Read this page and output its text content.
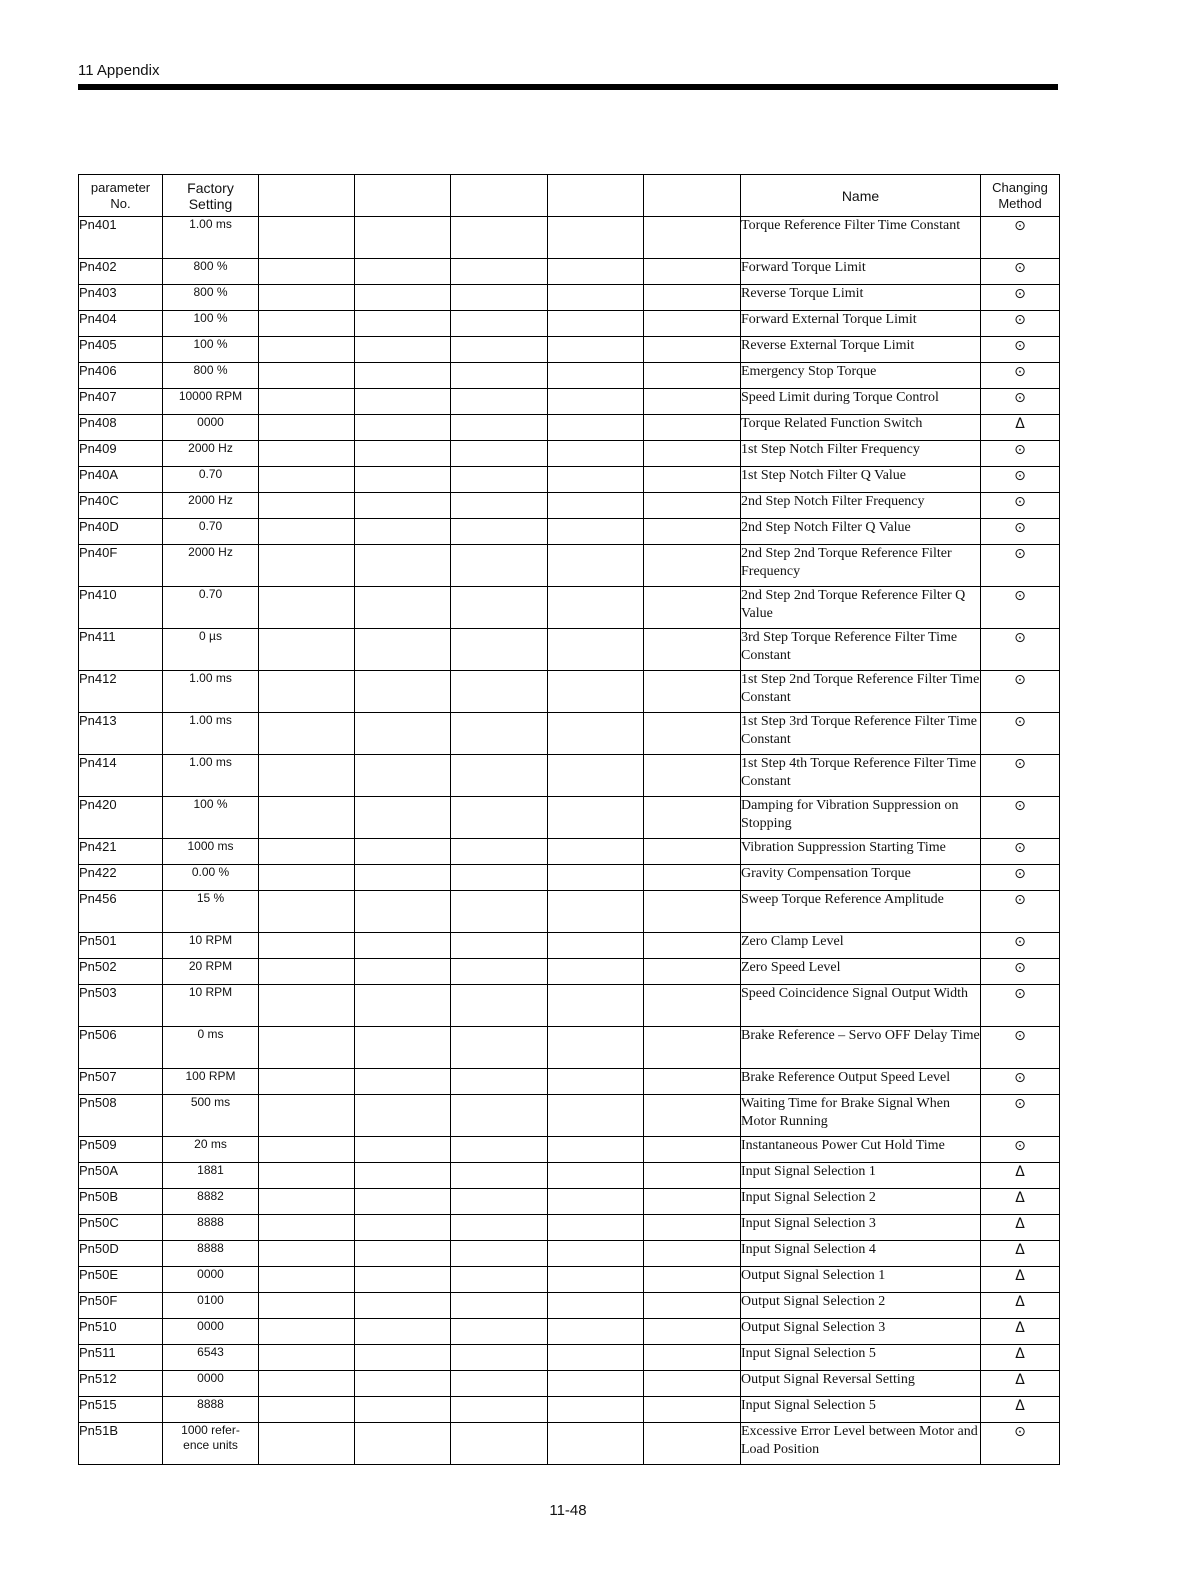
11 Appendix
parameter No.	Factory Setting						Name	Changing Method
Pn401	1.00 ms						Torque Reference Filter Time Constant	⊙
Pn402	800 %						Forward Torque Limit	⊙
Pn403	800 %						Reverse Torque Limit	⊙
Pn404	100 %						Forward External Torque Limit	⊙
Pn405	100 %						Reverse External Torque Limit	⊙
Pn406	800 %						Emergency Stop Torque	⊙
Pn407	10000 RPM						Speed Limit during Torque Control	⊙
Pn408	0000						Torque Related Function Switch	Δ
Pn409	2000 Hz						1st Step Notch Filter Frequency	⊙
Pn40A	0.70						1st Step Notch Filter Q Value	⊙
Pn40C	2000 Hz						2nd Step Notch Filter Frequency	⊙
Pn40D	0.70						2nd Step Notch Filter Q Value	⊙
Pn40F	2000 Hz						2nd Step 2nd Torque Reference Filter Frequency	⊙
Pn410	0.70						2nd Step 2nd Torque Reference Filter Q Value	⊙
Pn411	0 µs						3rd Step Torque Reference Filter Time Constant	⊙
Pn412	1.00 ms						1st Step 2nd Torque Reference Filter Time Constant	⊙
Pn413	1.00 ms						1st Step 3rd Torque Reference Filter Time Constant	⊙
Pn414	1.00 ms						1st Step 4th Torque Reference Filter Time Constant	⊙
Pn420	100 %						Damping for Vibration Suppression on Stopping	⊙
Pn421	1000 ms						Vibration Suppression Starting Time	⊙
Pn422	0.00 %						Gravity Compensation Torque	⊙
Pn456	15 %						Sweep Torque Reference Amplitude	⊙
Pn501	10 RPM						Zero Clamp Level	⊙
Pn502	20 RPM						Zero Speed Level	⊙
Pn503	10 RPM						Speed Coincidence Signal Output Width	⊙
Pn506	0 ms						Brake Reference – Servo OFF Delay Time	⊙
Pn507	100 RPM						Brake Reference Output Speed Level	⊙
Pn508	500 ms						Waiting Time for Brake Signal When Motor Running	⊙
Pn509	20 ms						Instantaneous Power Cut Hold Time	⊙
Pn50A	1881						Input Signal Selection 1	Δ
Pn50B	8882						Input Signal Selection 2	Δ
Pn50C	8888						Input Signal Selection 3	Δ
Pn50D	8888						Input Signal Selection 4	Δ
Pn50E	0000						Output Signal Selection 1	Δ
Pn50F	0100						Output Signal Selection 2	Δ
Pn510	0000						Output Signal Selection 3	Δ
Pn511	6543						Input Signal Selection 5	Δ
Pn512	0000						Output Signal Reversal Setting	Δ
Pn515	8888						Input Signal Selection 5	Δ
Pn51B	1000 refer-ence units						Excessive Error Level between Motor and Load Position	⊙
11-48
